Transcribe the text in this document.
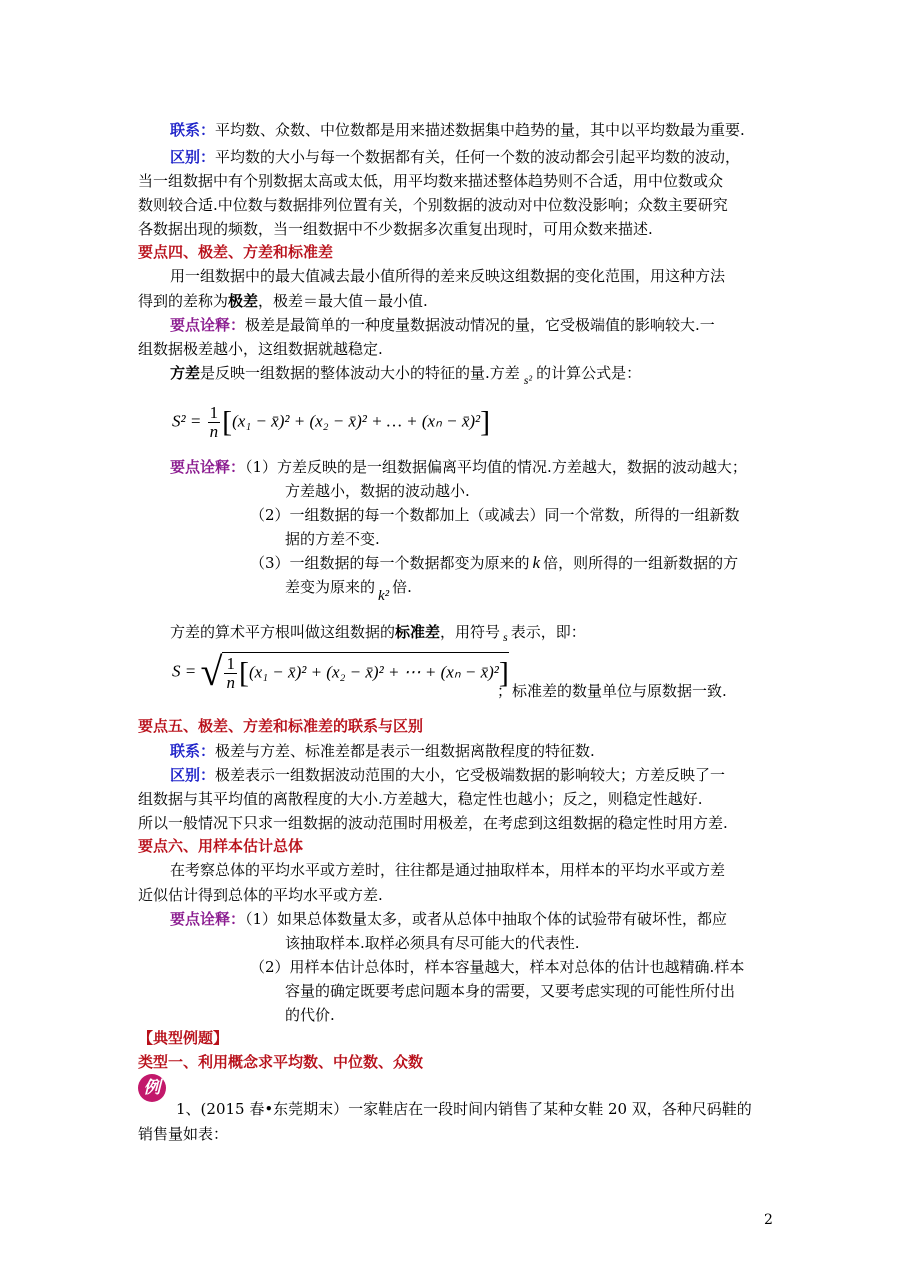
联系：平均数、众数、中位数都是用来描述数据集中趋势的量，其中以平均数最为重要.
区别：平均数的大小与每一个数据都有关，任何一个数的波动都会引起平均数的波动，
当一组数据中有个别数据太高或太低，用平均数来描述整体趋势则不合适，用中位数或众
数则较合适.中位数与数据排列位置有关，个别数据的波动对中位数没影响；众数主要研究
各数据出现的频数，当一组数据中不少数据多次重复出现时，可用众数来描述.
要点四、极差、方差和标准差
用一组数据中的最大值减去最小值所得的差来反映这组数据的变化范围，用这种方法
得到的差称为极差，极差＝最大值－最小值.
要点诠释：极差是最简单的一种度量数据波动情况的量，它受极端值的影响较大.一
组数据极差越小，这组数据就越稳定.
方差是反映一组数据的整体波动大小的特征的量.方差 $_{s^2}$ 的计算公式是：
$S^2 = \frac{1}{n} [(x_1$ − x̄)² + (x₂ − x̄)² + … + (xₙ − x̄)²]
要点诠释：（1）方差反映的是一组数据偏离平均值的情况.方差越大，数据的波动越大；
方差越小，数据的波动越小.
（2）一组数据的每一个数都加上（或减去）同一个常数，所得的一组新数
据的方差不变.
（3）一组数据的每一个数据都变为原来的 k 倍，则所得的一组新数据的方
差变为原来的 k² 倍.
方差的算术平方根叫做这组数据的标准差，用符号 $_s$ 表示，即：
S = √ $\frac{1}{n} [(x_1$ − x̄)² + (x₂ − x̄)² + ⋯ + (xₙ − x̄)²]
；标准差的数量单位与原数据一致.
要点五、极差、方差和标准差的联系与区别
联系：极差与方差、标准差都是表示一组数据离散程度的特征数.
区别：极差表示一组数据波动范围的大小，它受极端数据的影响较大；方差反映了一
组数据与其平均值的离散程度的大小.方差越大，稳定性也越小；反之，则稳定性越好.
所以一般情况下只求一组数据的波动范围时用极差，在考虑到这组数据的稳定性时用方差.
要点六、用样本估计总体
在考察总体的平均水平或方差时，往往都是通过抽取样本，用样本的平均水平或方差
近似估计得到总体的平均水平或方差.
要点诠释：（1）如果总体数量太多，或者从总体中抽取个体的试验带有破坏性，都应
该抽取样本.取样必须具有尽可能大的代表性.
（2）用样本估计总体时，样本容量越大，样本对总体的估计也越精确.样本
容量的确定既要考虑问题本身的需要，又要考虑实现的可能性所付出
的代价.
【典型例题】
类型一、利用概念求平均数、中位数、众数
例
1、(2015 春•东莞期末）一家鞋店在一段时间内销售了某种女鞋 20 双，各种尺码鞋的
销售量如表：
2
